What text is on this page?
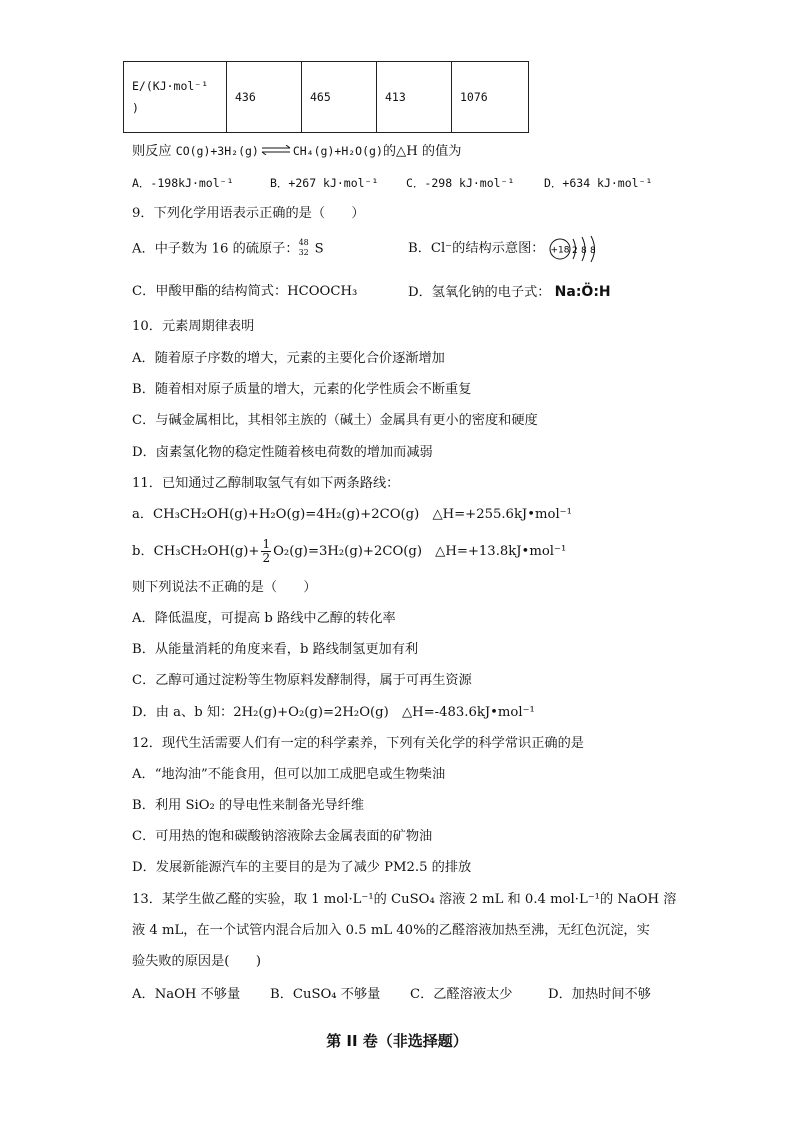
E/(KJ·mol⁻¹
)	436	465	413	1076
则反应 CO(g)+3H₂(g) ⇌ CH₄(g)+H₂O(g)的△H 的值为
A．-198kJ·mol⁻¹	B．+267 kJ·mol⁻¹ C．-298 kJ·mol⁻¹	D．+634 kJ·mol⁻¹
9．下列化学用语表示正确的是（　　）
A．中子数为 16 的硫原子： 48
32 S	B．Cl⁻的结构示意图： +18 2 8 8
C．甲酸甲酯的结构简式：HCOOCH₃	D．氢氧化钠的电子式： Na:Ö:H
10．元素周期律表明
A．随着原子序数的增大，元素的主要化合价逐渐增加
B．随着相对原子质量的增大，元素的化学性质会不断重复
C．与碱金属相比，其相邻主族的（碱土）金属具有更小的密度和硬度
D．卤素氢化物的稳定性随着核电荷数的增加而减弱
11．已知通过乙醇制取氢气有如下两条路线：
a．CH₃CH₂OH(g)+H₂O(g)=4H₂(g)+2CO(g)　△H=+255.6kJ•mol⁻¹
b．$CH_3CH_2OH(g)+ \frac{1}{2} O_2(g)=3H_2(g)+2CO(g)$　△H=+13.8kJ•mol⁻¹
则下列说法不正确的是（　　）
A．降低温度，可提高 b 路线中乙醇的转化率
B．从能量消耗的角度来看，b 路线制氢更加有利
C．乙醇可通过淀粉等生物原料发酵制得，属于可再生资源
D．由 a、b 知：2H₂(g)+O₂(g)=2H₂O(g)　△H=-483.6kJ•mol⁻¹
12．现代生活需要人们有一定的科学素养，下列有关化学的科学常识正确的是
A．“地沟油”不能食用，但可以加工成肥皂或生物柴油
B．利用 SiO₂ 的导电性来制备光导纤维
C．可用热的饱和碳酸钠溶液除去金属表面的矿物油
D．发展新能源汽车的主要目的是为了减少 PM2.5 的排放
13．某学生做乙醛的实验，取 1 mol·L⁻¹的 CuSO₄ 溶液 2 mL 和 0.4 mol·L⁻¹的 NaOH 溶
液 4 mL，在一个试管内混合后加入 0.5 mL 40%的乙醛溶液加热至沸，无红色沉淀，实
验失败的原因是(　　)
A．NaOH 不够量 B．CuSO₄ 不够量 C．乙醛溶液太少	D．加热时间不够
第 II 卷（非选择题）
